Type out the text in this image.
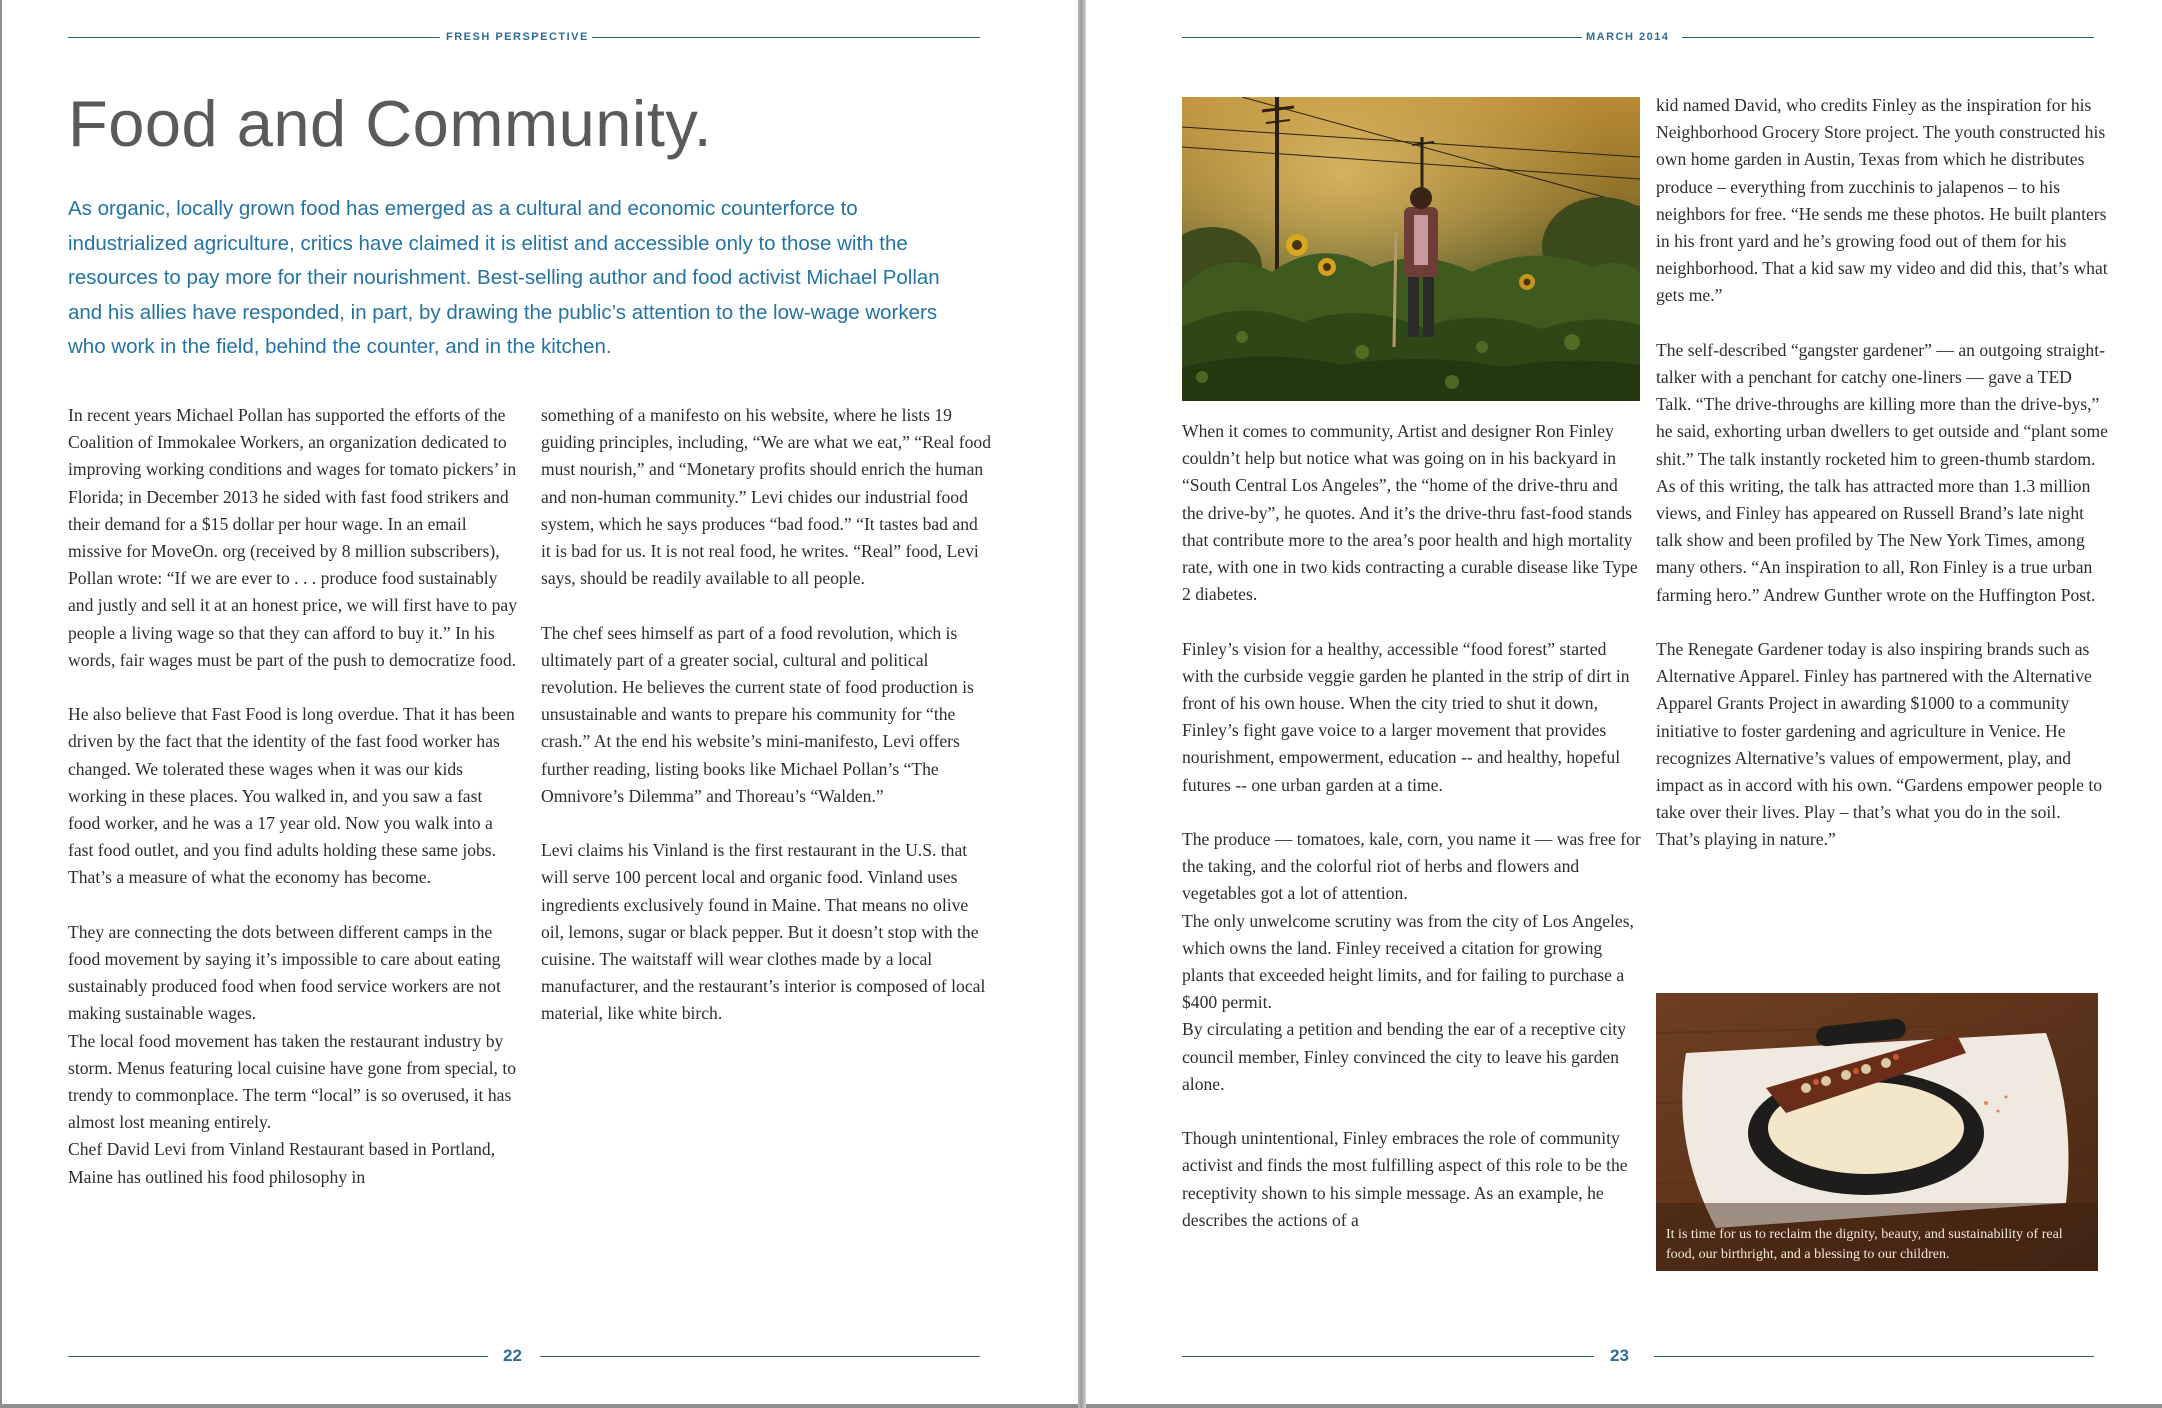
FRESH PERSPECTIVE
Food and Community.

As organic, locally grown food has emerged as a cultural and economic counterforce to industrialized agriculture, critics have claimed it is elitist and accessible only to those with the resources to pay more for their nourishment. Best-selling author and food activist Michael Pollan and his allies have responded, in part, by drawing the public’s attention to the low-wage workers who work in the field, behind the counter, and in the kitchen.

In recent years Michael Pollan has supported the efforts of the Coalition of Immokalee Workers, an organization dedicated to improving working conditions and wages for tomato pickers’ in Florida; in December 2013 he sided with fast food strikers and their demand for a $15 dollar per hour wage. In an email missive for MoveOn. org (received by 8 million subscribers), Pollan wrote: “If we are ever to . . . produce food sustainably and justly and sell it at an honest price, we will first have to pay people a living wage so that they can afford to buy it.” In his words, fair wages must be part of the push to democratize food.

He also believe that Fast Food is long overdue. That it has been driven by the fact that the identity of the fast food worker has changed. We tolerated these wages when it was our kids working in these places. You walked in, and you saw a fast food worker, and he was a 17 year old. Now you walk into a fast food outlet, and you find adults holding these same jobs. That’s a measure of what the economy has become.

They are connecting the dots between different camps in the food movement by saying it’s impossible to care about eating sustainably produced food when food service workers are not making sustainable wages.

The local food movement has taken the restaurant industry by storm. Menus featuring local cuisine have gone from special, to trendy to commonplace. The term “local” is so overused, it has almost lost meaning entirely.

Chef David Levi from Vinland Restaurant based in Portland, Maine has outlined his food philosophy in

something of a manifesto on his website, where he lists 19 guiding principles, including, “We are what we eat,” “Real food must nourish,” and “Monetary profits should enrich the human and non-human community.” Levi chides our industrial food system, which he says produces “bad food.” “It tastes bad and it is bad for us. It is not real food, he writes. “Real” food, Levi says, should be readily available to all people.

The chef sees himself as part of a food revolution, which is ultimately part of a greater social, cultural and political revolution. He believes the current state of food production is unsustainable and wants to prepare his community for “the crash.” At the end his website’s mini-manifesto, Levi offers further reading, listing books like Michael Pollan’s “The Omnivore’s Dilemma” and Thoreau’s “Walden.”

Levi claims his Vinland is the first restaurant in the U.S. that will serve 100 percent local and organic food. Vinland uses ingredients exclusively found in Maine. That means no olive oil, lemons, sugar or black pepper. But it doesn’t stop with the cuisine. The waitstaff will wear clothes made by a local manufacturer, and the restaurant’s interior is composed of local material, like white birch.

22
MARCH 2014

When it comes to community, Artist and designer Ron Finley couldn’t help but notice what was going on in his backyard in “South Central Los Angeles”, the “home of the drive-thru and the drive-by”, he quotes. And it’s the drive-thru fast-food stands that contribute more to the area’s poor health and high mortality rate, with one in two kids contracting a curable disease like Type 2 diabetes.

Finley’s vision for a healthy, accessible “food forest” started with the curbside veggie garden he planted in the strip of dirt in front of his own house. When the city tried to shut it down, Finley’s fight gave voice to a larger movement that provides nourishment, empowerment, education -- and healthy, hopeful futures -- one urban garden at a time.

The produce — tomatoes, kale, corn, you name it — was free for the taking, and the colorful riot of herbs and flowers and vegetables got a lot of attention.

The only unwelcome scrutiny was from the city of Los Angeles, which owns the land. Finley received a citation for growing plants that exceeded height limits, and for failing to purchase a $400 permit.

By circulating a petition and bending the ear of a receptive city council member, Finley convinced the city to leave his garden alone.

Though unintentional, Finley embraces the role of community activist and finds the most fulfilling aspect of this role to be the receptivity shown to his simple message. As an example, he describes the actions of a

kid named David, who credits Finley as the inspiration for his Neighborhood Grocery Store project. The youth constructed his own home garden in Austin, Texas from which he distributes produce – everything from zucchinis to jalapenos – to his neighbors for free. “He sends me these photos. He built planters in his front yard and he’s growing food out of them for his neighborhood. That a kid saw my video and did this, that’s what gets me.”

The self-described “gangster gardener” — an outgoing straight-talker with a penchant for catchy one-liners — gave a TED Talk. “The drive-throughs are killing more than the drive-bys,” he said, exhorting urban dwellers to get outside and “plant some shit.” The talk instantly rocketed him to green-thumb stardom. As of this writing, the talk has attracted more than 1.3 million views, and Finley has appeared on Russell Brand’s late night talk show and been profiled by The New York Times, among many others. “An inspiration to all, Ron Finley is a true urban farming hero.” Andrew Gunther wrote on the Huffington Post.

The Renegate Gardener today is also inspiring brands such as Alternative Apparel. Finley has partnered with the Alternative Apparel Grants Project in awarding $1000 to a community initiative to foster gardening and agriculture in Venice. He recognizes Alternative’s values of empowerment, play, and impact as in accord with his own. “Gardens empower people to take over their lives. Play – that’s what you do in the soil. That’s playing in nature.”

It is time for us to reclaim the dignity, beauty, and sustainability of real food, our birthright, and a blessing to our children.
23
